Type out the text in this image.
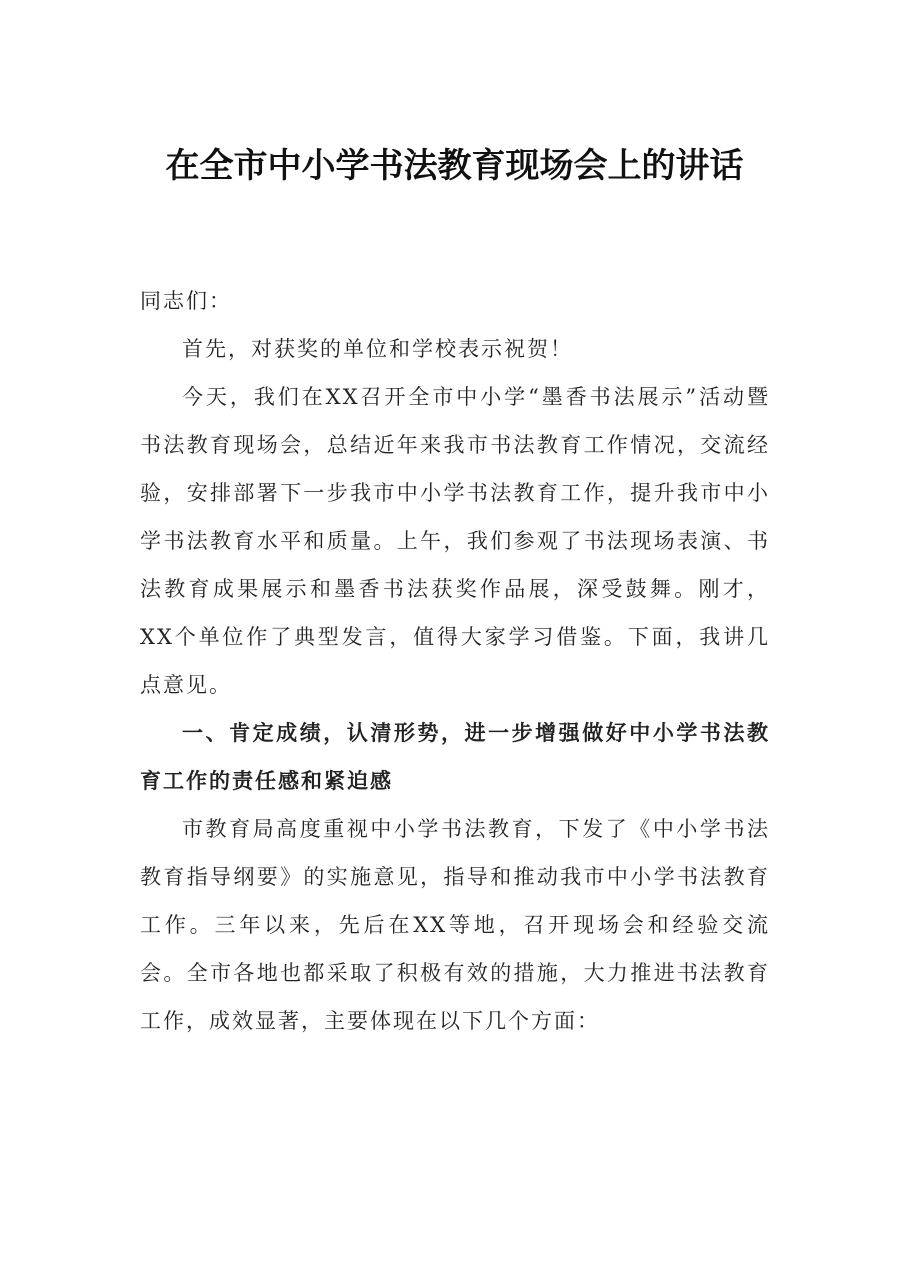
在全市中小学书法教育现场会上的讲话

同志们：

首先，对获奖的单位和学校表示祝贺！

今天，我们在XX召开全市中小学“墨香书法展示”活动暨书法教育现场会，总结近年来我市书法教育工作情况，交流经验，安排部署下一步我市中小学书法教育工作，提升我市中小学书法教育水平和质量。上午，我们参观了书法现场表演、书法教育成果展示和墨香书法获奖作品展，深受鼓舞。刚才，XX个单位作了典型发言，值得大家学习借鉴。下面，我讲几点意见。

一、肯定成绩，认清形势，进一步增强做好中小学书法教育工作的责任感和紧迫感

市教育局高度重视中小学书法教育，下发了《中小学书法教育指导纲要》的实施意见，指导和推动我市中小学书法教育工作。三年以来，先后在XX等地，召开现场会和经验交流会。全市各地也都采取了积极有效的措施，大力推进书法教育工作，成效显著，主要体现在以下几个方面：
